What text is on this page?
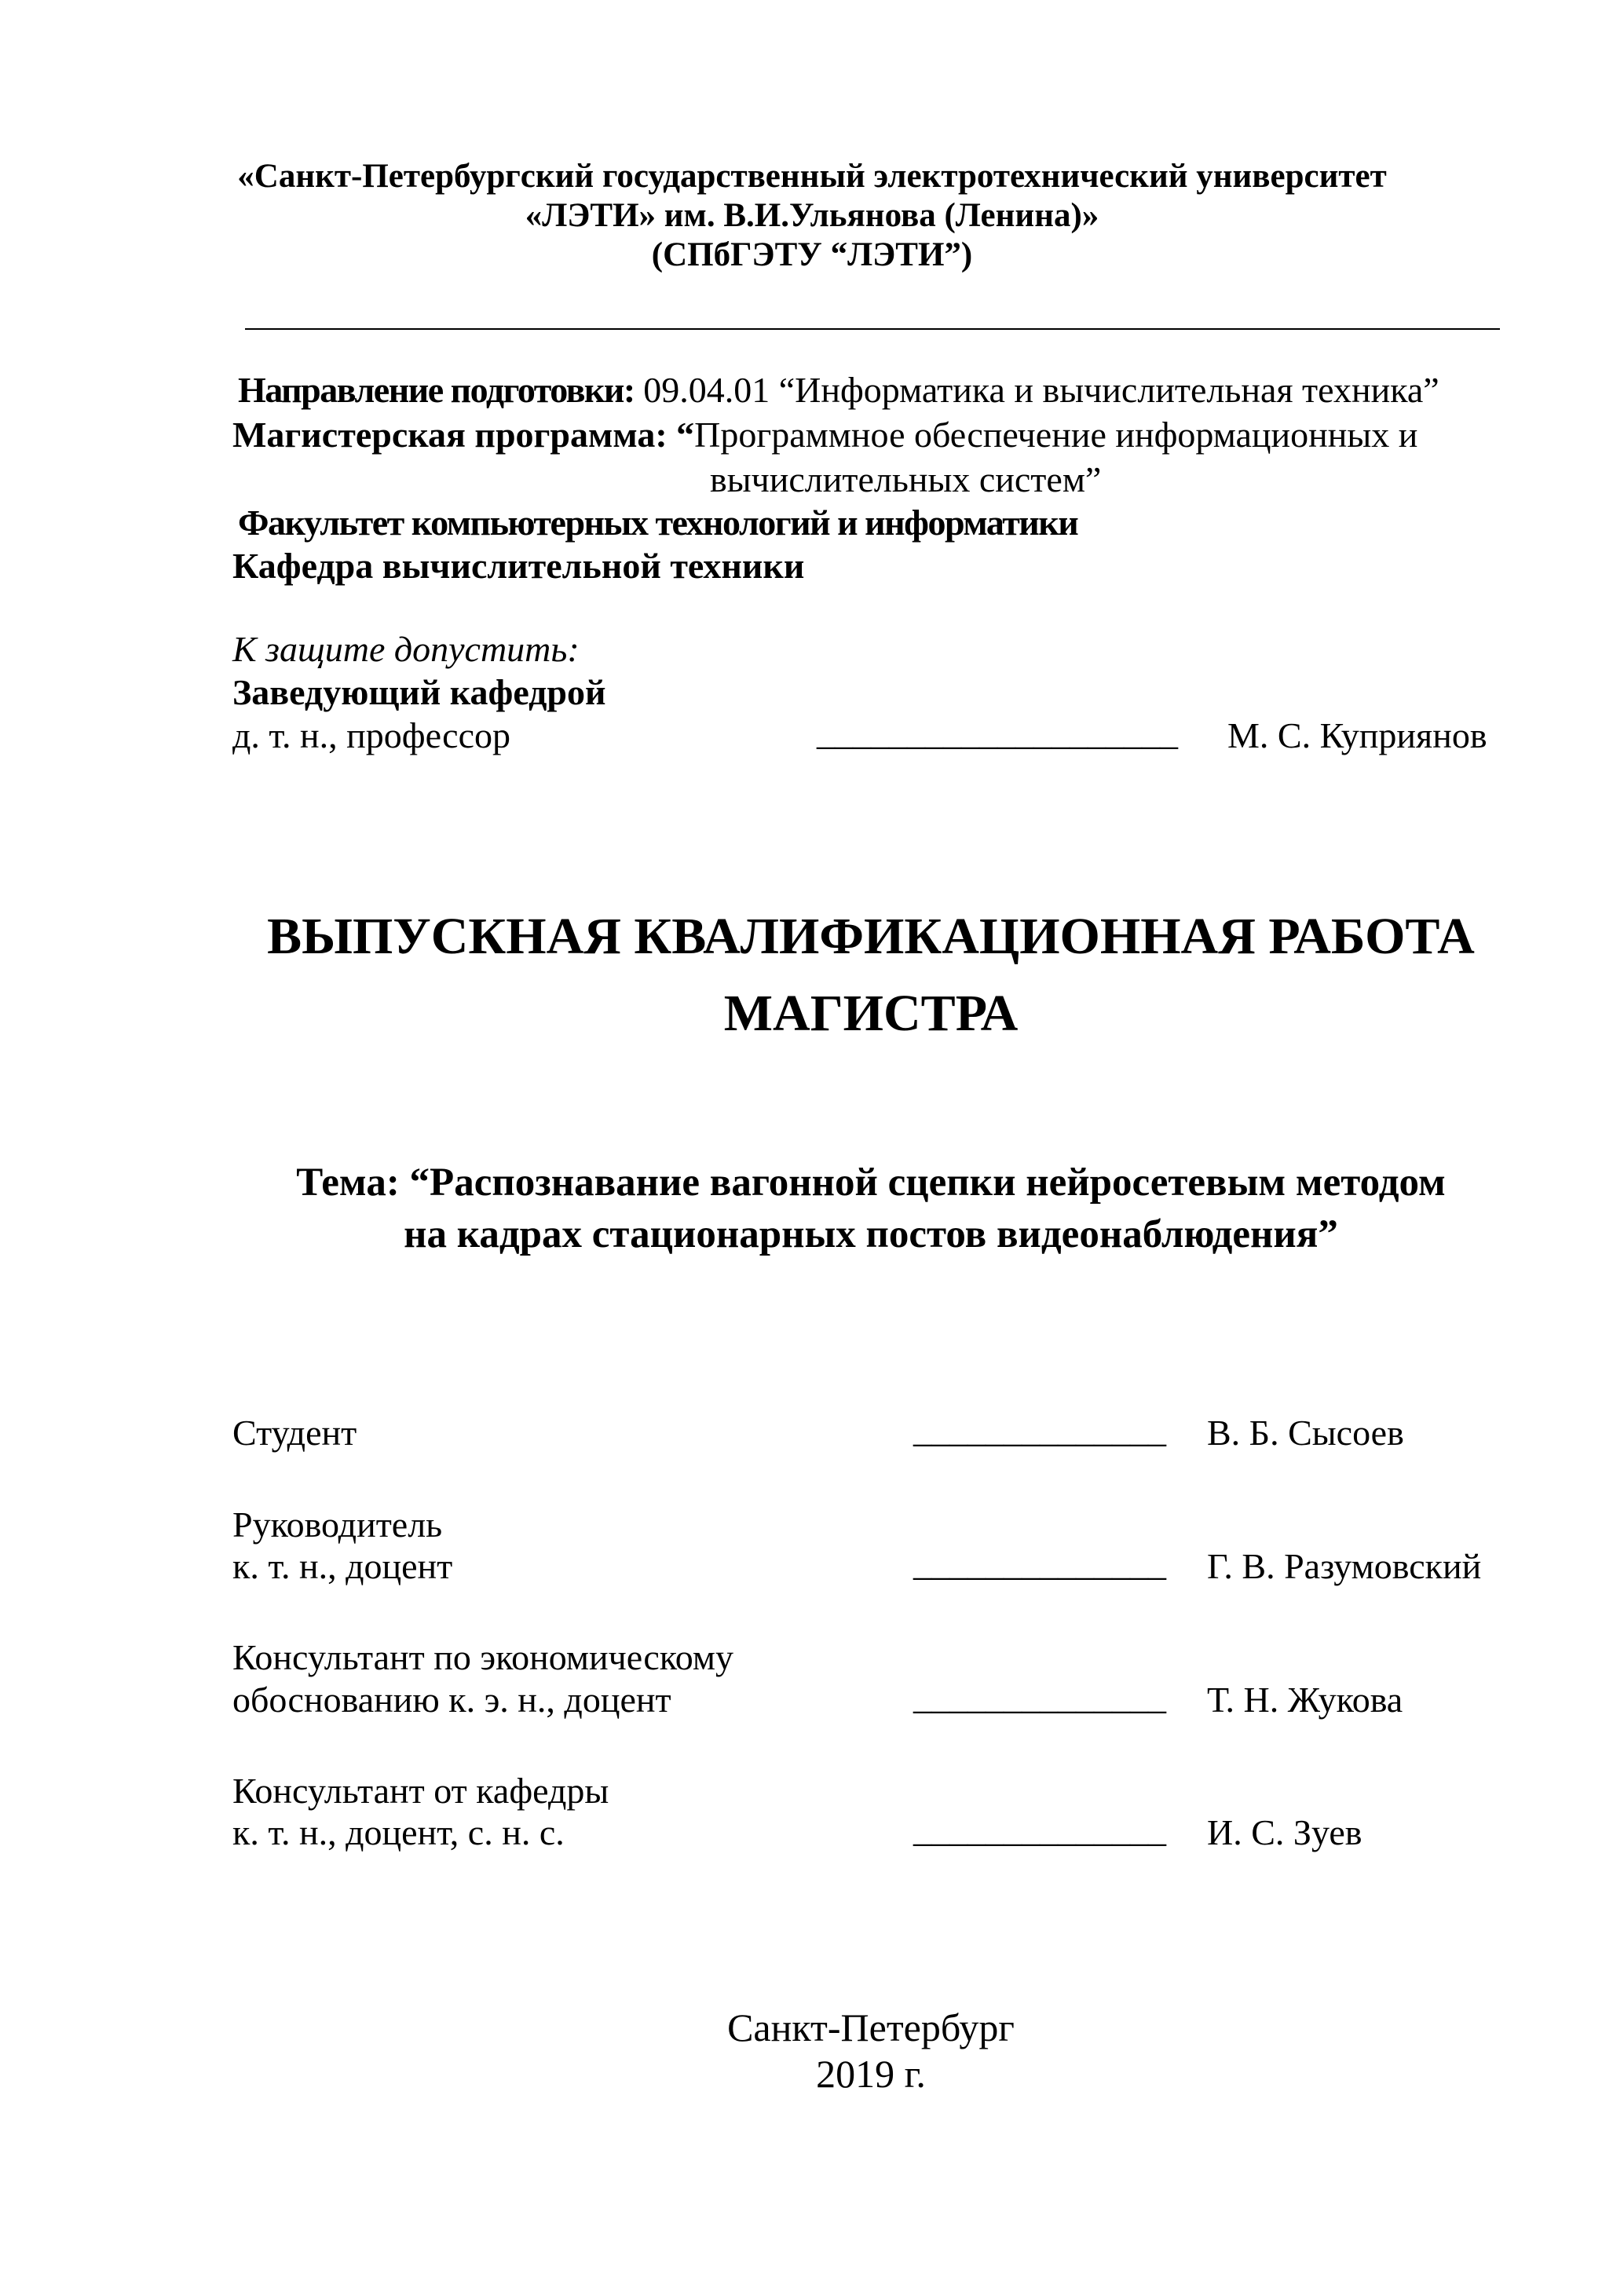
«Санкт-Петербургский государственный электротехнический университет
«ЛЭТИ» им. В.И.Ульянова (Ленина)»
(СПбГЭТУ “ЛЭТИ”)
Направление подготовки: 09.04.01 “Информатика и вычислительная техника”
Магистерская программа: “Программное обеспечение информационных и
вычислительных систем”
Факультет компьютерных технологий и информатики
Кафедра вычислительной техники
К защите допустить:
Заведующий кафедрой
д. т. н., профессор	____________________ М. С. Куприянов
ВЫПУСКНАЯ КВАЛИФИКАЦИОННАЯ РАБОТА
МАГИСТРА
Тема: “Распознавание вагонной сцепки нейросетевым методом
на кадрах стационарных постов видеонаблюдения”
Студент	______________ В. Б. Сысоев
Руководитель
к. т. н., доцент	______________ Г. В. Разумовский
Консультант по экономическому
обоснованию к. э. н., доцент	______________ Т. Н. Жукова
Консультант от кафедры
к. т. н., доцент, с. н. с.	______________ И. С. Зуев
Санкт-Петербург
2019 г.
